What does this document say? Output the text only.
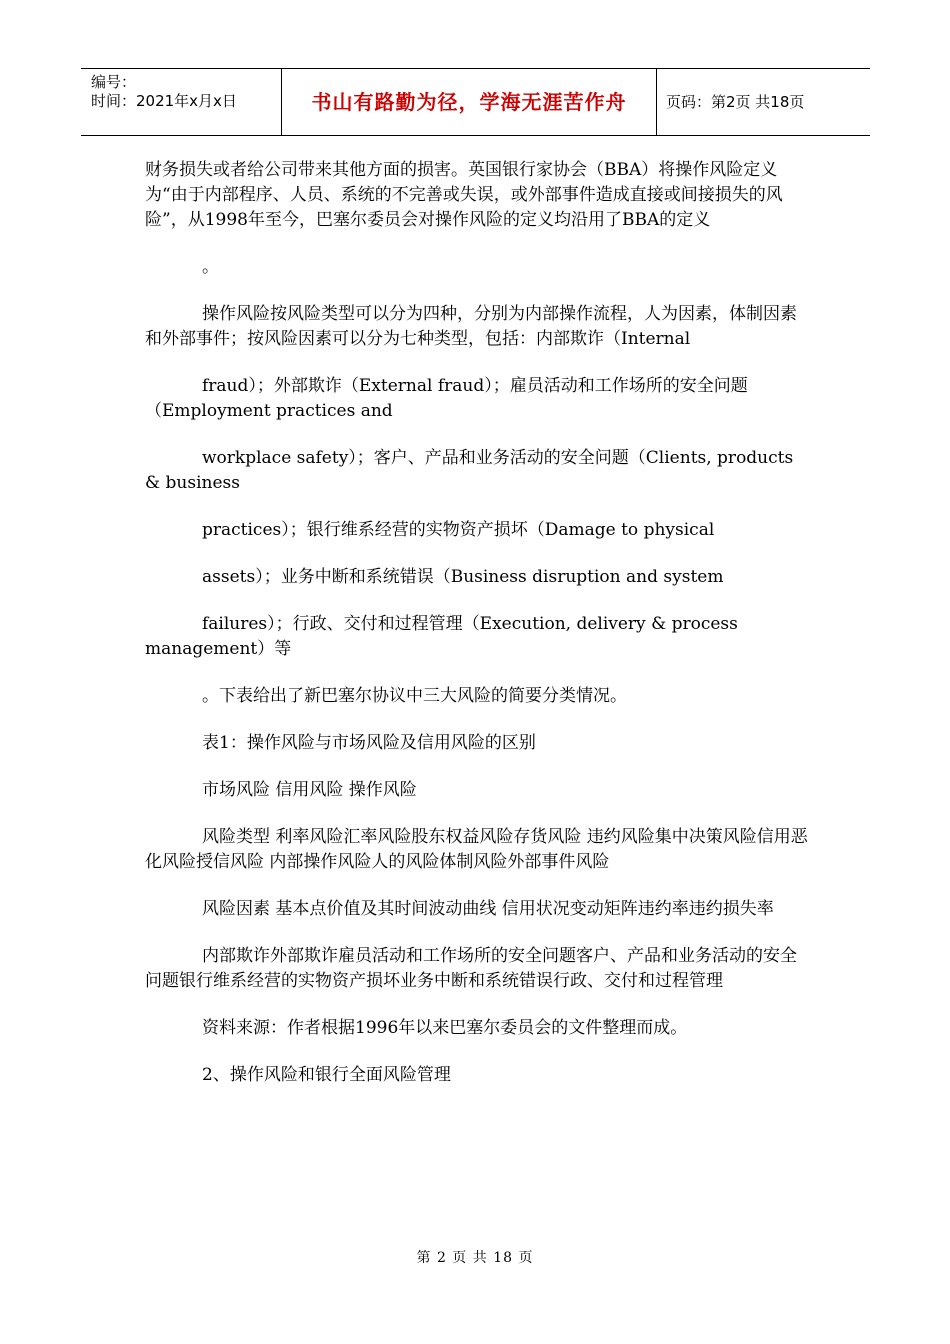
编号：
时间：2021年x月x日	书山有路勤为径，学海无涯苦作舟	页码：第2页 共18页

财务损失或者给公司带来其他方面的损害。英国银行家协会（BBA）将操作风险定义为“由于内部程序、人员、系统的不完善或失误，或外部事件造成直接或间接损失的风险”，从1998年至今，巴塞尔委员会对操作风险的定义均沿用了BBA的定义

。

操作风险按风险类型可以分为四种，分别为内部操作流程，人为因素，体制因素和外部事件；按风险因素可以分为七种类型，包括：内部欺诈（Internal

fraud）；外部欺诈（External fraud）；雇员活动和工作场所的安全问题（Employment practices and

workplace safety）；客户、产品和业务活动的安全问题（Clients, products & business

practices）；银行维系经营的实物资产损坏（Damage to physical

assets）；业务中断和系统错误（Business disruption and system

failures）；行政、交付和过程管理（Execution, delivery & process management）等

。下表给出了新巴塞尔协议中三大风险的简要分类情况。

表1：操作风险与市场风险及信用风险的区别

市场风险 信用风险 操作风险

风险类型 利率风险汇率风险股东权益风险存货风险 违约风险集中决策风险信用恶化风险授信风险 内部操作风险人的风险体制风险外部事件风险

风险因素 基本点价值及其时间波动曲线 信用状况变动矩阵违约率违约损失率

内部欺诈外部欺诈雇员活动和工作场所的安全问题客户、产品和业务活动的安全问题银行维系经营的实物资产损坏业务中断和系统错误行政、交付和过程管理

资料来源：作者根据1996年以来巴塞尔委员会的文件整理而成。

2、操作风险和银行全面风险管理

第 2 页 共 18 页
